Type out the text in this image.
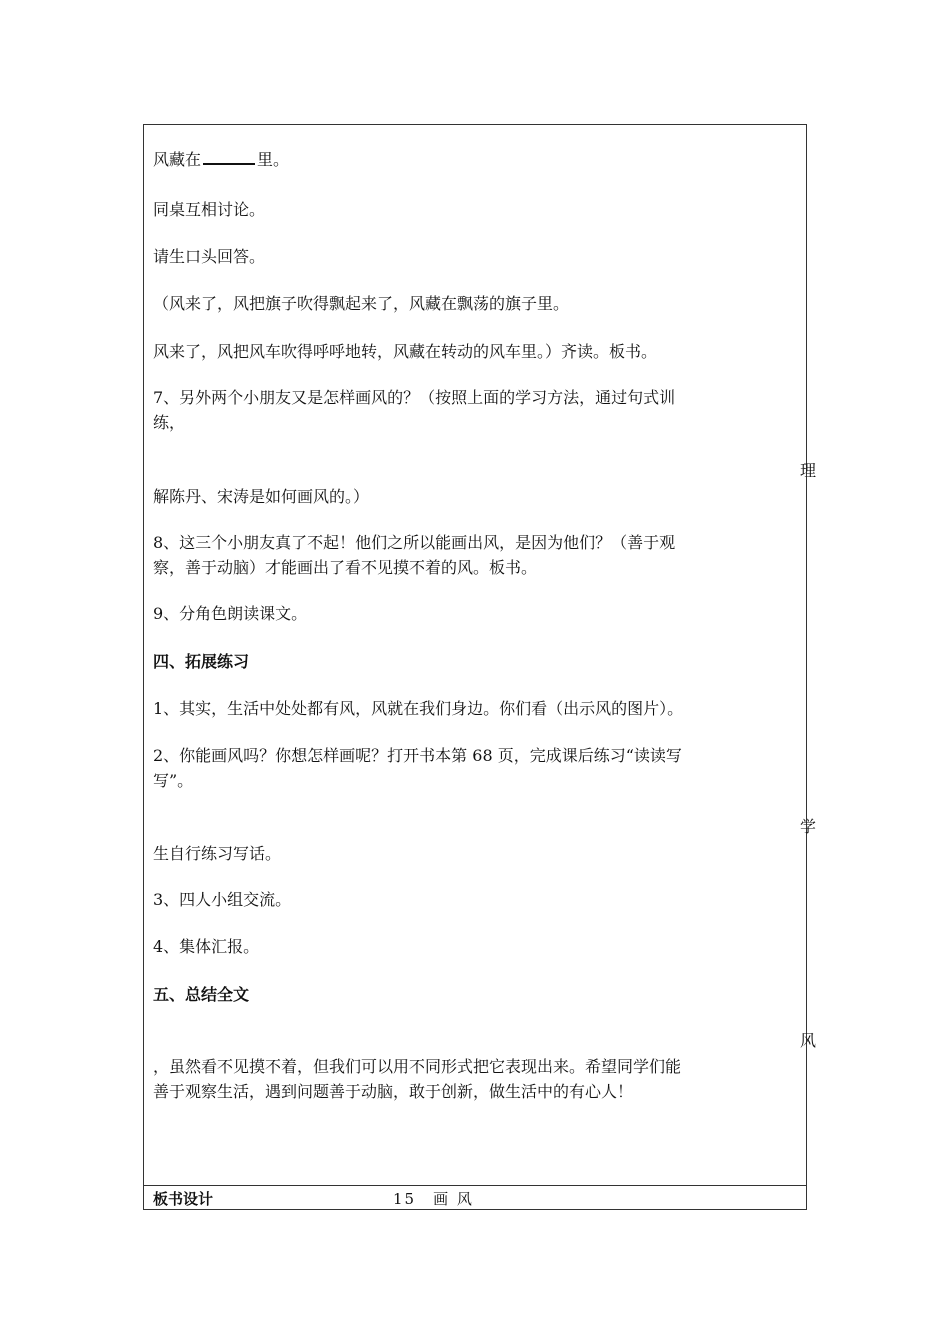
风藏在	里。
同桌互相讨论。
请生口头回答。
（风来了，风把旗子吹得飘起来了，风藏在飘荡的旗子里。
风来了，风把风车吹得呼呼地转，风藏在转动的风车里。）齐读。板书。
7、另外两个小朋友又是怎样画风的？（按照上面的学习方法，通过句式训
练，
理
解陈丹、宋涛是如何画风的。）
8、这三个小朋友真了不起！他们之所以能画出风，是因为他们？（善于观
察，善于动脑）才能画出了看不见摸不着的风。板书。
9、分角色朗读课文。
四、拓展练习
1、其实，生活中处处都有风，风就在我们身边。你们看（出示风的图片）。
2、你能画风吗？你想怎样画呢？打开书本第 68 页，完成课后练习“读读写
写”。
学
生自行练习写话。
3、四人小组交流。
4、集体汇报。
五、总结全文
风
，虽然看不见摸不着，但我们可以用不同形式把它表现出来。希望同学们能
善于观察生活，遇到问题善于动脑，敢于创新，做生活中的有心人！
板书设计	15　画 风
